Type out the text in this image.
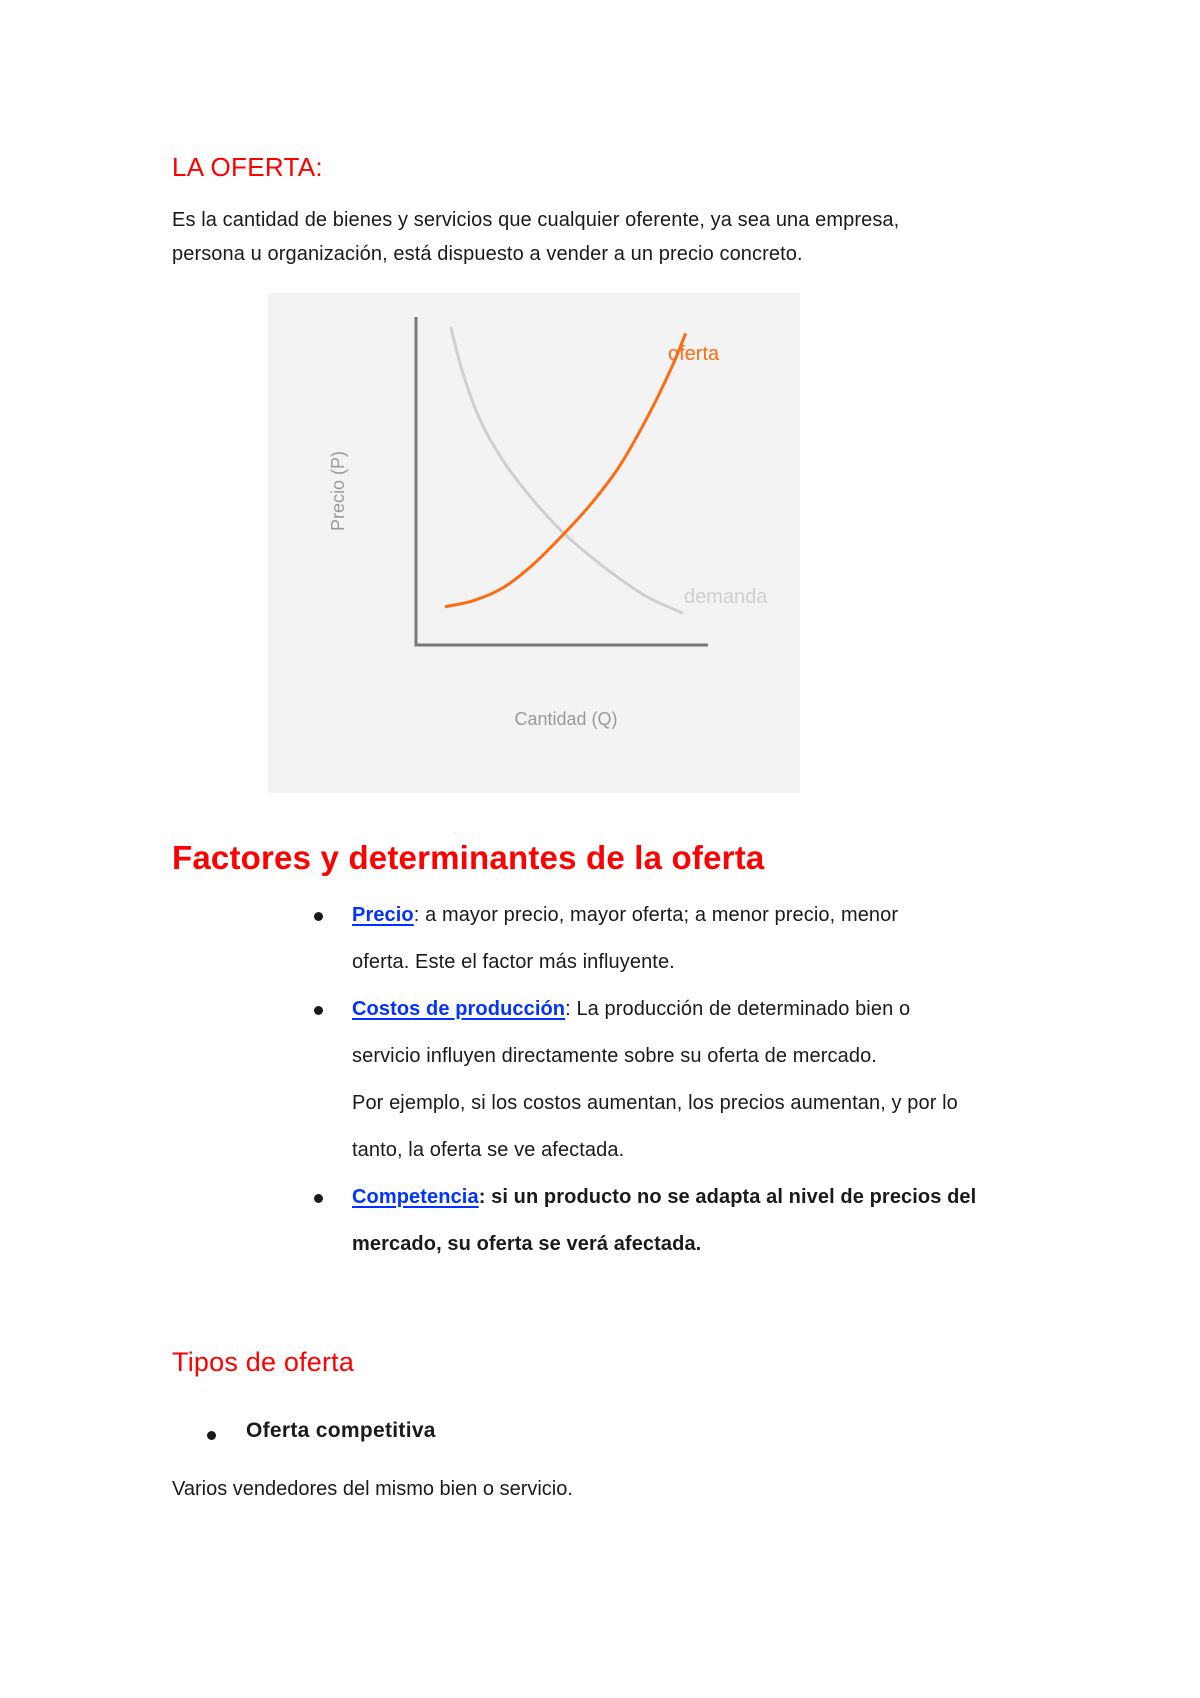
LA OFERTA:
Es la cantidad de bienes y servicios que cualquier oferente, ya sea una empresa,
persona u organización, está dispuesto a vender a un precio concreto.
oferta
demanda
Precio (P)
Cantidad (Q)
Factores y determinantes de la oferta
Precio: a mayor precio, mayor oferta; a menor precio, menor
oferta. Este el factor más influyente.
Costos de producción: La producción de determinado bien o
servicio influyen directamente sobre su oferta de mercado.
Por ejemplo, si los costos aumentan, los precios aumentan, y por lo
tanto, la oferta se ve afectada.
Competencia: si un producto no se adapta al nivel de precios del
mercado, su oferta se verá afectada.
Tipos de oferta
Oferta competitiva
Varios vendedores del mismo bien o servicio.
